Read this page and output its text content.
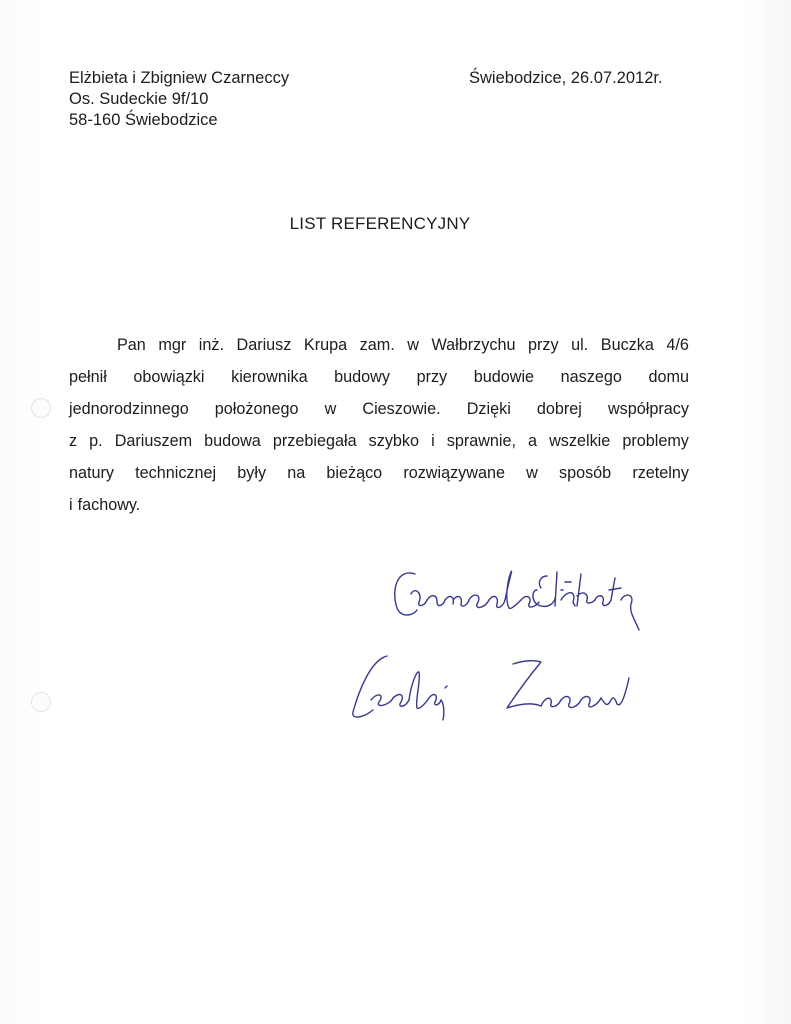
Elżbieta i Zbigniew Czarneccy
Os. Sudeckie 9f/10
58-160 Świebodzice
Świebodzice, 26.07.2012r.
LIST REFERENCYJNY
Pan mgr inż. Dariusz Krupa zam. w Wałbrzychu przy ul. Buczka 4/6
pełnił obowiązki kierownika budowy przy budowie naszego domu
jednorodzinnego położonego w Cieszowie. Dzięki dobrej współpracy
z p. Dariuszem budowa przebiegała szybko i sprawnie, a wszelkie problemy
natury technicznej były na bieżąco rozwiązywane w sposób rzetelny
i fachowy.
